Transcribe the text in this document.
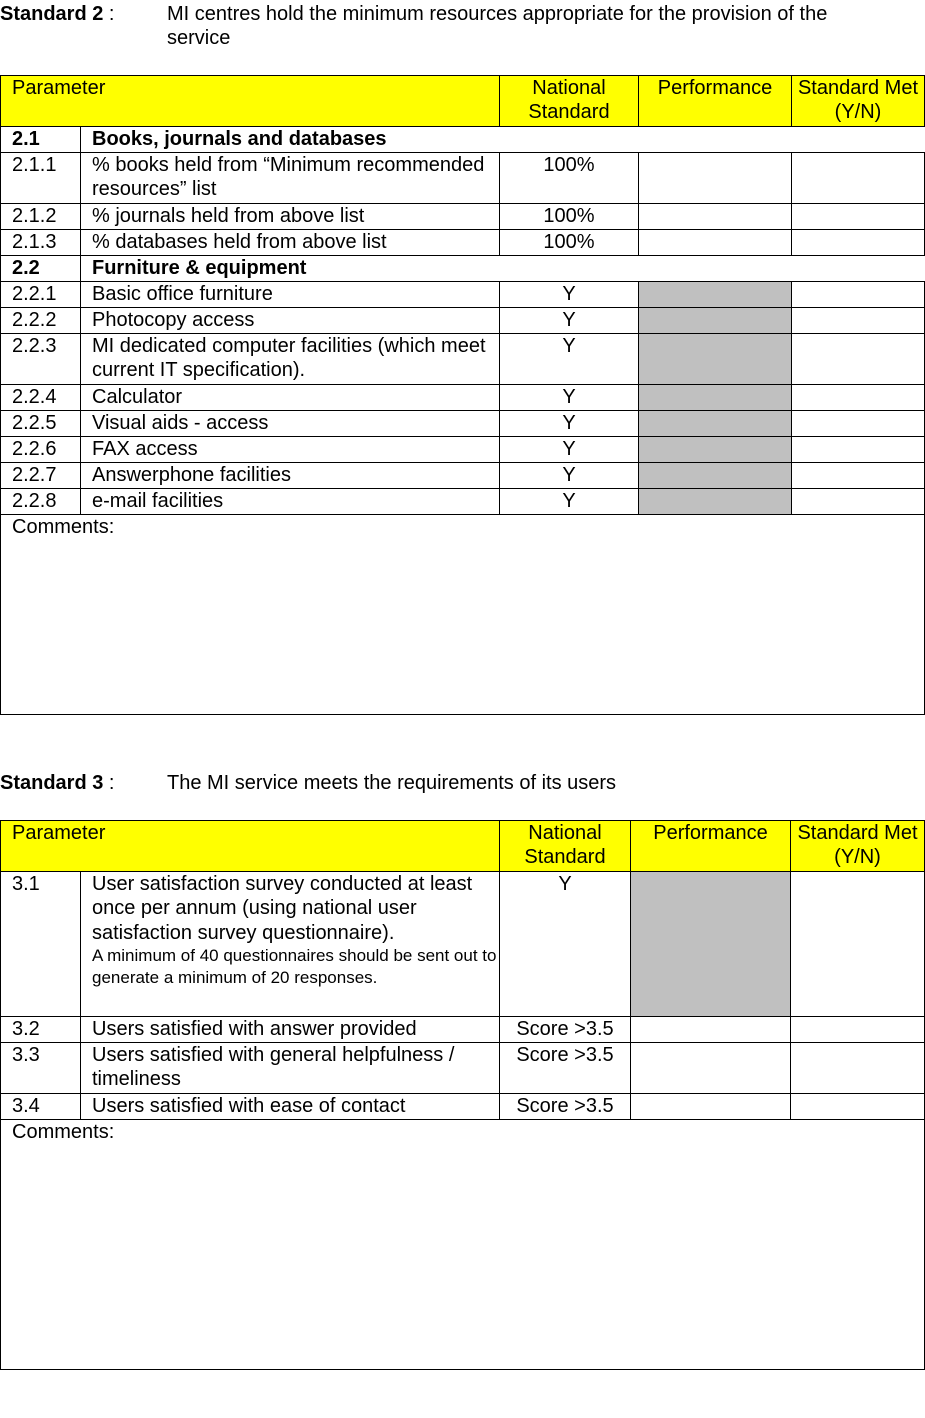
Standard 2 :	MI centres hold the minimum resources appropriate for the provision of the service
Parameter		National Standard	Performance	Standard Met (Y/N)
2.1	Books, journals and databases			
2.1.1	% books held from “Minimum recommended resources” list	100%		
2.1.2	% journals held from above list	100%		
2.1.3	% databases held from above list	100%		
2.2	Furniture & equipment			
2.2.1	Basic office furniture	Y		
2.2.2	Photocopy access	Y		
2.2.3	MI dedicated computer facilities (which meet current IT specification).	Y		
2.2.4	Calculator	Y		
2.2.5	Visual aids - access	Y		
2.2.6	FAX access	Y		
2.2.7	Answerphone facilities	Y		
2.2.8	e-mail facilities	Y		
Comments:				
Standard 3 :	The MI service meets the requirements of its users
Parameter		National Standard	Performance	Standard Met (Y/N)
3.1	User satisfaction survey conducted at least once per annum (using national user satisfaction survey questionnaire).
A minimum of 40 questionnaires should be sent out to generate a minimum of 20 responses.	Y		
3.2	Users satisfied with answer provided	Score >3.5		
3.3	Users satisfied with general helpfulness / timeliness	Score >3.5		
3.4	Users satisfied with ease of contact	Score >3.5		
Comments:				
